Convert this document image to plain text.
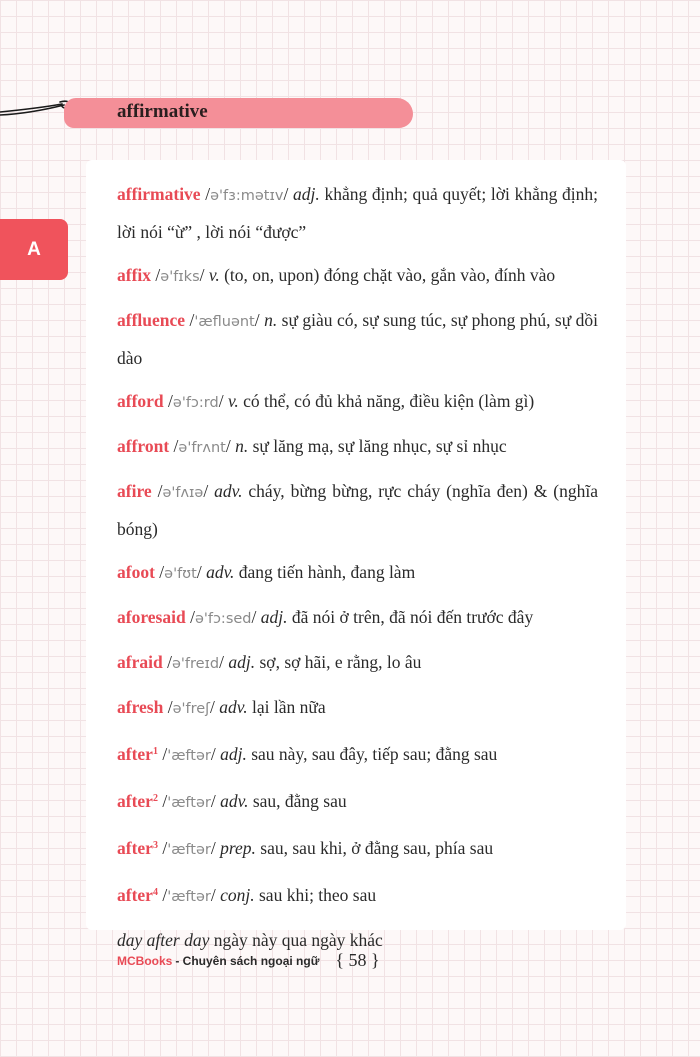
affirmative
A
affirmative /ə'fɜ:mətɪv/ adj. khẳng định; quả quyết; lời khẳng định; lời nói “ừ” , lời nói “được”
affix /ə'fɪks/ v. (to, on, upon) đóng chặt vào, gắn vào, đính vào
affluence /'æfluənt/ n. sự giàu có, sự sung túc, sự phong phú, sự dồi dào
afford /ə'fɔ:rd/ v. có thể, có đủ khả năng, điều kiện (làm gì)
affront /ə'frʌnt/ n. sự lăng mạ, sự lăng nhục, sự sỉ nhục
afire /ə'fʌɪə/ adv. cháy, bừng bừng, rực cháy (nghĩa đen) & (nghĩa bóng)
afoot /ə'fʊt/ adv. đang tiến hành, đang làm
aforesaid /ə'fɔ:sed/ adj. đã nói ở trên, đã nói đến trước đây
afraid /ə'freɪd/ adj. sợ, sợ hãi, e rằng, lo âu
afresh /ə'freʃ/ adv. lại lần nữa
after$^1$ /'æftər/ adj. sau này, sau đây, tiếp sau; đằng sau
after$^2$ /'æftər/ adv. sau, đằng sau
after$^3$ /'æftər/ prep. sau, sau khi, ở đằng sau, phía sau
after$^4$ /'æftər/ conj. sau khi; theo sau
day after day ngày này qua ngày khác
MCBooks - Chuyên sách ngoại ngữ { 58 }
